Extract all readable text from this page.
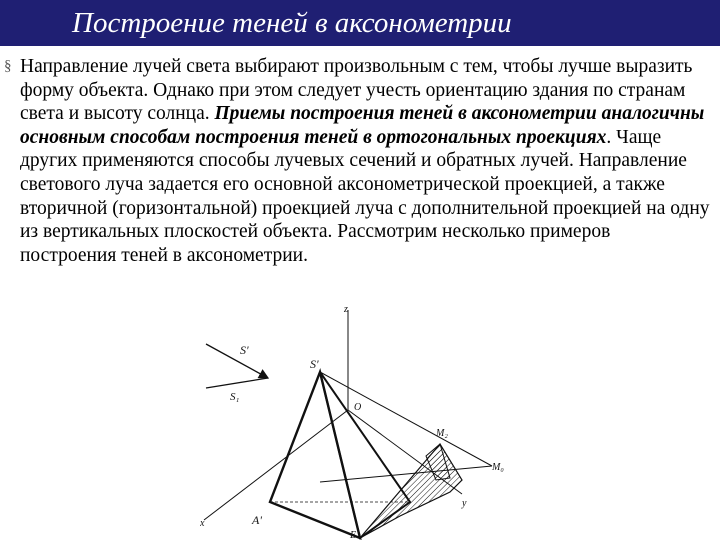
Построение теней в аксонометрии
§ Направление лучей света выбирают произвольным с тем, чтобы лучше выразить форму объекта. Однако при этом следует учесть ориентацию здания по странам света и высоту солнца. Приемы построения теней в аксонометрии аналогичны основным способам построения теней в ортогональных проекциях. Чаще других применяются способы лучевых сечений и обратных лучей. Направление светового луча задается его основной аксонометрической проекцией, а также вторичной (горизонтальной) проекцией луча с дополнительной проекцией на одну из вертикальных плоскостей объекта. Рассмотрим несколько примеров построения теней в аксонометрии.
S'
S₁
z
x
y
O
M₂
M₀
S'
A'
E
